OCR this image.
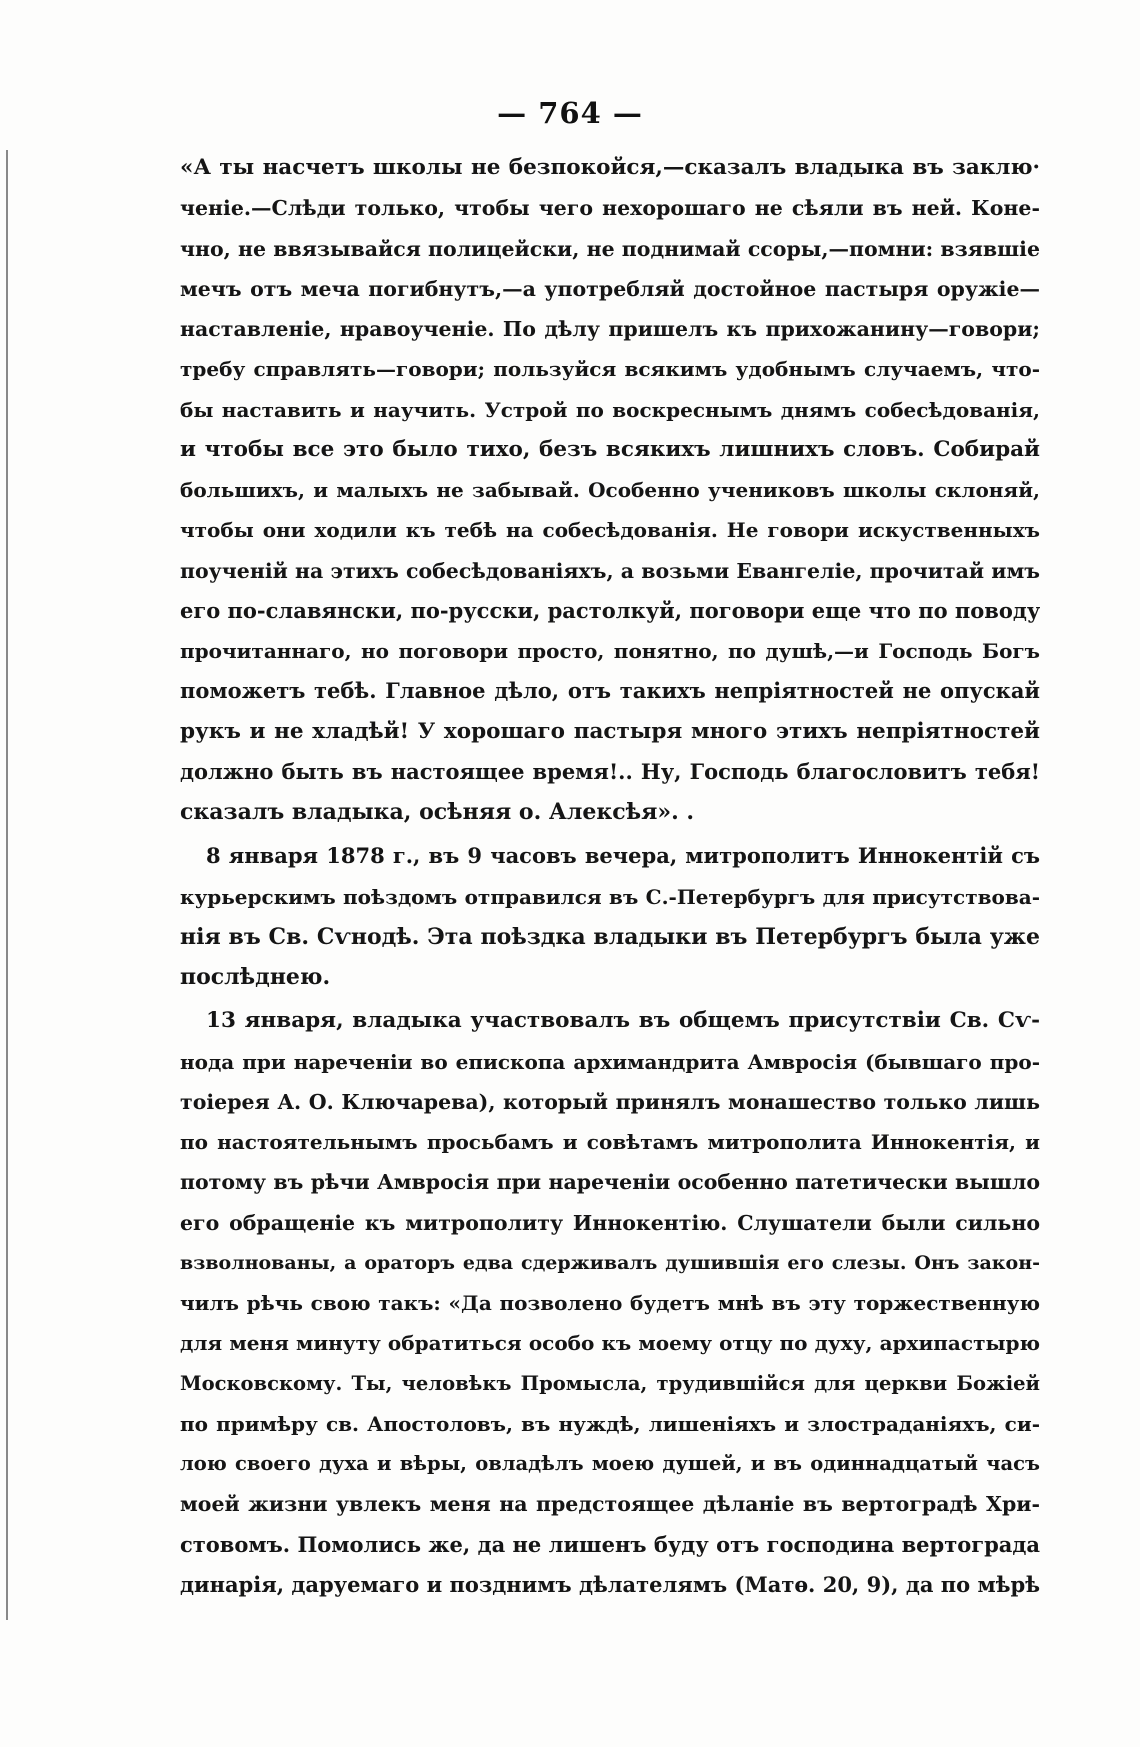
— 764 —
«А ты насчетъ школы не безпокойся,—сказалъ владыка въ заклю·
ченіе.—Слѣди только, чтобы чего нехорошаго не сѣяли въ ней. Коне-
чно, не ввязывайся полицейски, не поднимай ссоры,—помни: взявшіе
мечъ отъ меча погибнутъ,—а употребляй достойное пастыря оружіе—
наставленіе, нравоученіе. По дѣлу пришелъ къ прихожанину—говори;
требу справлять—говори; пользуйся всякимъ удобнымъ случаемъ, что-
бы наставить и научить. Устрой по воскреснымъ днямъ собесѣдованія,
и чтобы все это было тихо, безъ всякихъ лишнихъ словъ. Собирай
большихъ, и малыхъ не забывай. Особенно учениковъ школы склоняй,
чтобы они ходили къ тебѣ на собесѣдованія. Не говори искуственныхъ
поученій на этихъ собесѣдованіяхъ, а возьми Евангеліе, прочитай имъ
его по-славянски, по-русски, растолкуй, поговори еще что по поводу
прочитаннаго, но поговори просто, понятно, по душѣ,—и Господь Богъ
поможетъ тебѣ. Главное дѣло, отъ такихъ непріятностей не опускай
рукъ и не хладѣй! У хорошаго пастыря много этихъ непріятностей
должно быть въ настоящее время!.. Ну, Господь благословитъ тебя!
сказалъ владыка, осѣняя о. Алексѣя». .
8 января 1878 г., въ 9 часовъ вечера, митрополитъ Иннокентій съ
курьерскимъ поѣздомъ отправился въ С.-Петербургъ для присутствова-
нія въ Св. Сѵнодѣ. Эта поѣздка владыки въ Петербургъ была уже
послѣднею.
13 января, владыка участвовалъ въ общемъ присутствіи Св. Сѵ-
нода при нареченіи во епископа архимандрита Амвросія (бывшаго про-
тоіерея А. О. Ключарева), который принялъ монашество только лишь
по настоятельнымъ просьбамъ и совѣтамъ митрополита Иннокентія, и
потому въ рѣчи Амвросія при нареченіи особенно патетически вышло
его обращеніе къ митрополиту Иннокентію. Слушатели были сильно
взволнованы, а ораторъ едва сдерживалъ душившія его слезы. Онъ закон-
чилъ рѣчь свою такъ: «Да позволено будетъ мнѣ въ эту торжественную
для меня минуту обратиться особо къ моему отцу по духу, архипастырю
Московскому. Ты, человѣкъ Промысла, трудившійся для церкви Божіей
по примѣру св. Апостоловъ, въ нуждѣ, лишеніяхъ и злостраданіяхъ, си-
лою своего духа и вѣры, овладѣлъ моею душей, и въ одиннадцатый часъ
моей жизни увлекъ меня на предстоящее дѣланіе въ вертоградѣ Хри-
стовомъ. Помолись же, да не лишенъ буду отъ господина вертограда
динарія, даруемаго и позднимъ дѣлателямъ (Матѳ. 20, 9), да по мѣрѣ
